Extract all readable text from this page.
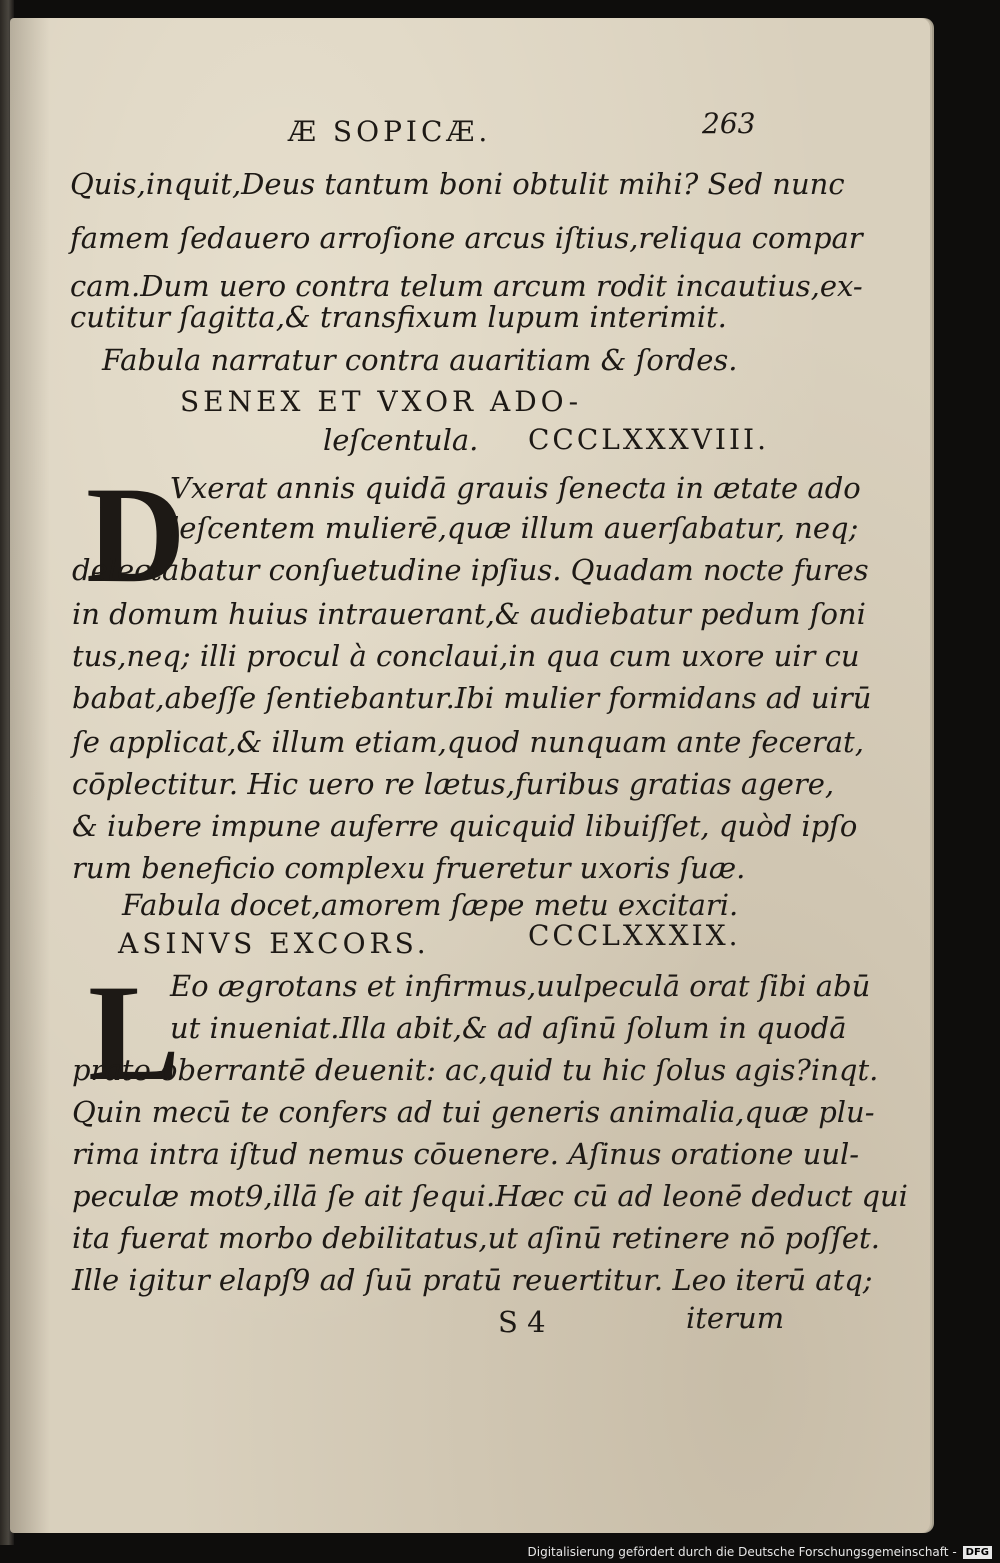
Æ SOPICÆ.	263
Quis,inquit,Deus tantum boni obtulit mihi? Sed nunc
famem ſedauero arroſione arcus iſtius,reliqua compar
cam.Dum uero contra telum arcum rodit incautius,ex-
cutitur ſagitta,& transfixum lupum interimit.
Fabula narratur contra auaritiam & ſordes.
SENEX ET VXOR ADO-
leſcentula. CCCLXXXVIII.
D
Vxerat annis quidā grauis ſenecta in ætate ado
leſcentem mulierē,quæ illum auerſabatur, neq;
delectabatur conſuetudine ipſius. Quadam nocte fures
in domum huius intrauerant,& audiebatur pedum ſoni
tus,neq; illi procul à conclaui,in qua cum uxore uir cu
babat,abeſſe ſentiebantur.Ibi mulier formidans ad uirū
ſe applicat,& illum etiam,quod nunquam ante fecerat,
cōplectitur. Hic uero re lætus,furibus gratias agere,
& iubere impune auferre quicquid libuiſſet, quòd ipſo
rum beneficio complexu frueretur uxoris ſuæ.
Fabula docet,amorem ſæpe metu excitari.
ASINVS EXCORS.	CCCLXXXIX.
L
Eo ægrotans et infirmus,uulpeculā orat ſibi abū
ut inueniat.Illa abit,& ad aſinū ſolum in quodā
prato oberrantē deuenit: ac,quid tu hic ſolus agis?inqt.
Quin mecū te confers ad tui generis animalia,quæ plu-
rima intra iſtud nemus cōuenere. Aſinus oratione uul-
peculæ mot9,illā ſe ait ſequi.Hæc cū ad leonē deduct qui
ita fuerat morbo debilitatus,ut aſinū retinere nō poſſet.
Ille igitur elapſ9 ad ſuū pratū reuertitur. Leo iterū atq;
S 4	iterum
Digitalisierung gefördert durch die Deutsche Forschungsgemeinschaft - DFG
